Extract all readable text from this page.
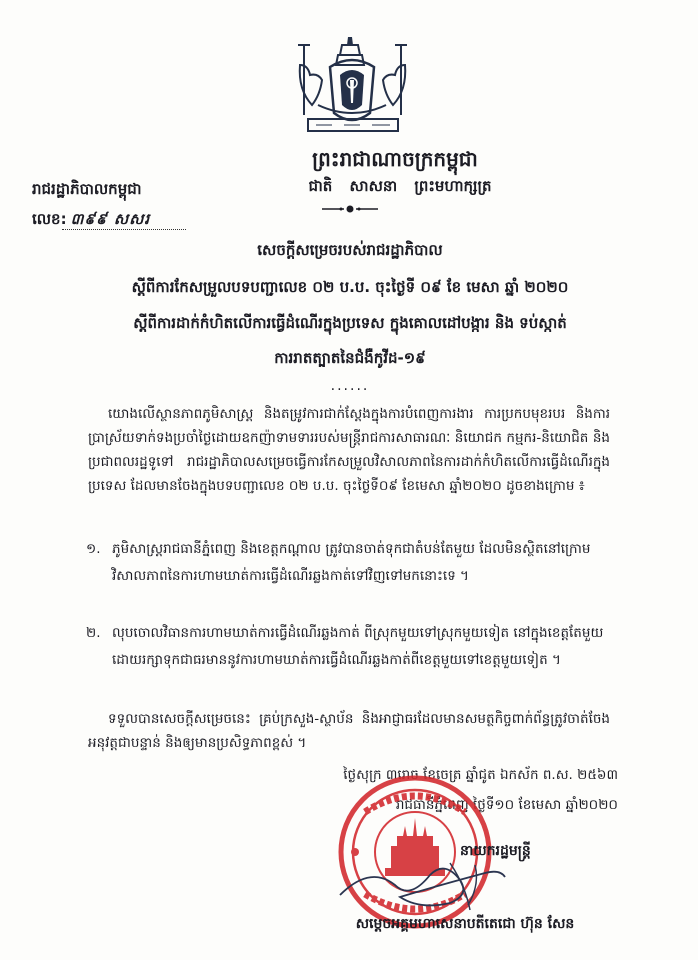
ព្រះរាជាណាចក្រកម្ពុជា
ជាតិ សាសនា ព្រះមហាក្សត្រ
រាជរដ្ឋាភិបាលកម្ពុជា
លេខ: ៣៩៩ សសរ
សេចក្តីសម្រេចរបស់រាជរដ្ឋាភិបាល
ស្តីពីការកែសម្រួលបទបញ្ជាលេខ ០២ ប.ប. ចុះថ្ងៃទី ០៩ ខែ មេសា ឆ្នាំ ២០២០
ស្តីពីការដាក់កំហិតលើការធ្វើដំណើរក្នុងប្រទេស ក្នុងគោលដៅបង្ការ និង ទប់ស្កាត់
ការរាតត្បាតនៃជំងឺកូវីដ-១៩
......
យោងលើស្ថានភាពភូមិសាស្ត្រ និងតម្រូវការជាក់ស្តែងក្នុងការបំពេញការងារ ការប្រកបមុខរបរ និងការប្រាស្រ័យទាក់ទងប្រចាំថ្ងៃដោយឧកញ៉ាទាមទាររបស់មន្ត្រីរាជការសាធារណៈ និយោជក កម្មករ-និយោជិត និងប្រជាពលរដ្ឋទូទៅ រាជរដ្ឋាភិបាលសម្រេចធ្វើការកែសម្រួលវិសាលភាពនៃការដាក់កំហិតលើការធ្វើដំណើរក្នុងប្រទេស ដែលមានចែងក្នុងបទបញ្ជាលេខ ០២ ប.ប. ចុះថ្ងៃទី០៩ ខែមេសា ឆ្នាំ២០២០ ដូចខាងក្រោម ៖
១. ភូមិសាស្ត្ររាជធានីភ្នំពេញ និងខេត្តកណ្តាល ត្រូវបានចាត់ទុកជាតំបន់តែមួយ ដែលមិនស្ថិតនៅក្រោមវិសាលភាពនៃការហាមឃាត់ការធ្វើដំណើរឆ្លងកាត់ទៅវិញទៅមកនោះទេ ។
២. លុបចោលវិធានការហាមឃាត់ការធ្វើដំណើរឆ្លងកាត់ ពីស្រុកមួយទៅស្រុកមួយទៀត នៅក្នុងខេត្តតែមួយ ដោយរក្សាទុកជាធរមាននូវការហាមឃាត់ការធ្វើដំណើរឆ្លងកាត់ពីខេត្តមួយទៅខេត្តមួយទៀត ។
ទទួលបានសេចក្តីសម្រេចនេះ គ្រប់ក្រសួង-ស្ថាប័ន និងអាជ្ញាធរដែលមានសមត្ថកិច្ចពាក់ព័ន្ធត្រូវចាត់ចែងអនុវត្តជាបន្ទាន់ និងឲ្យមានប្រសិទ្ធភាពខ្ពស់ ។
ថ្ងៃសុក្រ ៣រោច ខែចេត្រ ឆ្នាំជូត ឯកស័ក ព.ស. ២៥៦៣
រាជធានីភ្នំពេញ ថ្ងៃទី១០ ខែមេសា ឆ្នាំ២០២០
នាយករដ្ឋមន្ត្រី
សម្តេចអគ្គមហាសេនាបតីតេជោ ហ៊ុន សែន
